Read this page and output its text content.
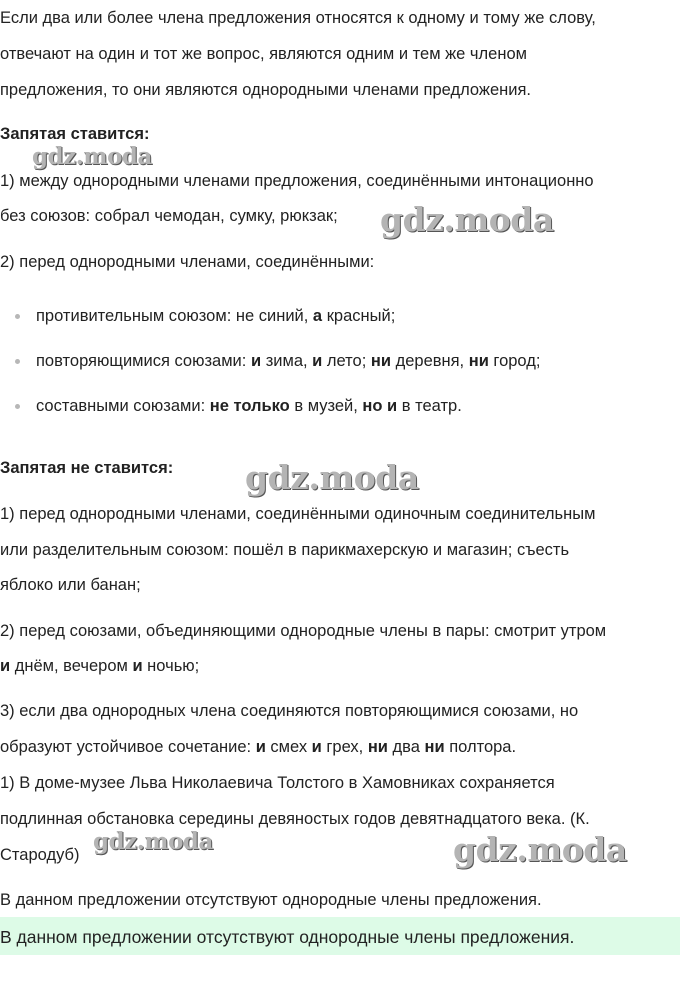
Если два или более члена предложения относятся к одному и тому же слову,
отвечают на один и тот же вопрос, являются одним и тем же членом
предложения, то они являются однородными членами предложения.
Запятая ставится:
1) между однородными членами предложения, соединёнными интонационно
без союзов: собрал чемодан, сумку, рюкзак;
2) перед однородными членами, соединёнными:
противительным союзом: не синий, а красный;
повторяющимися союзами: и зима, и лето; ни деревня, ни город;
составными союзами: не только в музей, но и в театр.
Запятая не ставится:
1) перед однородными членами, соединёнными одиночным соединительным
или разделительным союзом: пошёл в парикмахерскую и магазин; съесть
яблоко или банан;
2) перед союзами, объединяющими однородные члены в пары: смотрит утром
и днём, вечером и ночью;
3) если два однородных члена соединяются повторяющимися союзами, но
образуют устойчивое сочетание: и смех и грех, ни два ни полтора.
1) В доме-музее Льва Николаевича Толстого в Хамовниках сохраняется
подлинная обстановка середины девяностых годов девятнадцатого века. (К.
Стародуб)
В данном предложении отсутствуют однородные члены предложения.
В данном предложении отсутствуют однородные члены предложения.
gdz.moda
gdz.moda
gdz.moda
gdz.moda	gdz.moda
